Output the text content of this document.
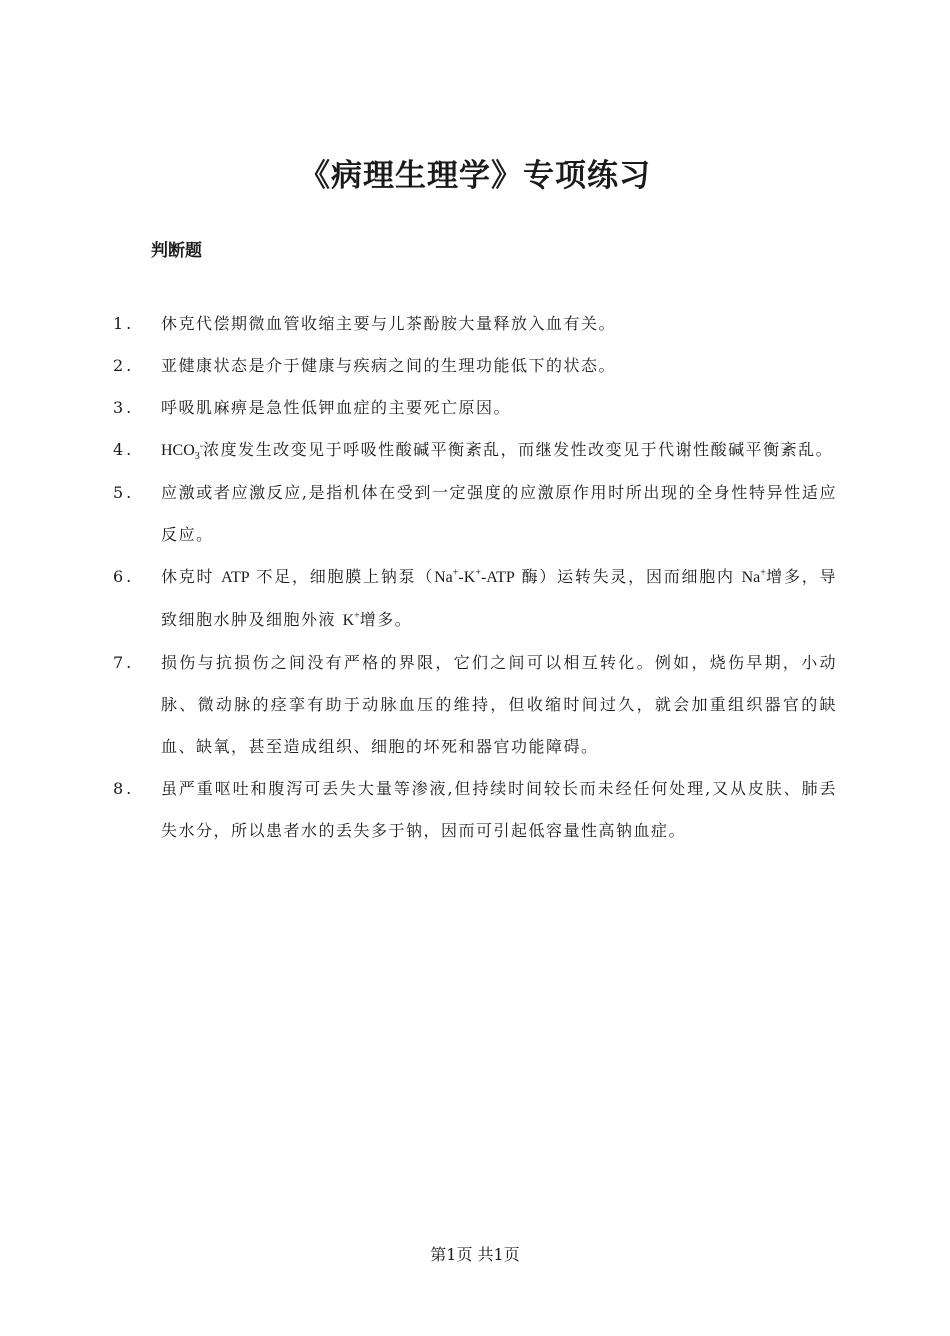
《病理生理学》专项练习
判断题
1.	休克代偿期微血管收缩主要与儿茶酚胺大量释放入血有关。
2.	亚健康状态是介于健康与疾病之间的生理功能低下的状态。
3.	呼吸肌麻痹是急性低钾血症的主要死亡原因。
4.	$HCO_3^-$浓度发生改变见于呼吸性酸碱平衡紊乱，而继发性改变见于代谢性酸碱平衡紊乱。
5.	应激或者应激反应,是指机体在受到一定强度的应激原作用时所出现的全身性特异性适应反应。
6.	休克时 ATP 不足，细胞膜上钠泵（Na+-K+-ATP 酶）运转失灵，因而细胞内 Na+增多，导致细胞水肿及细胞外液 K+增多。
7.	损伤与抗损伤之间没有严格的界限，它们之间可以相互转化。例如，烧伤早期，小动脉、微动脉的痉挛有助于动脉血压的维持，但收缩时间过久，就会加重组织器官的缺血、缺氧，甚至造成组织、细胞的坏死和器官功能障碍。
8.	虽严重呕吐和腹泻可丢失大量等渗液,但持续时间较长而未经任何处理,又从皮肤、肺丢失水分，所以患者水的丢失多于钠，因而可引起低容量性高钠血症。
第1页 共1页
